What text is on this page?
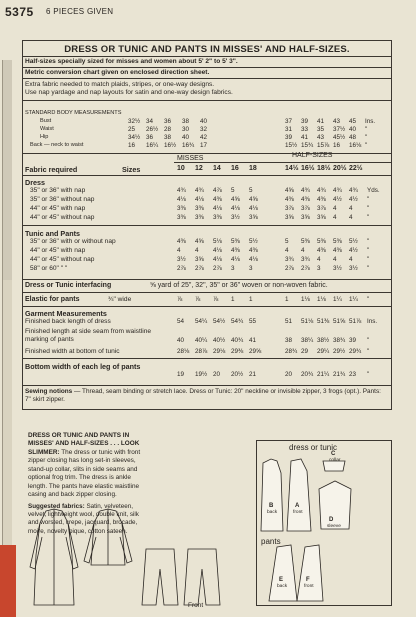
5375 6 PIECES GIVEN
DRESS OR TUNIC AND PANTS IN MISSES' AND HALF-SIZES.
Half-sizes specially sized for misses and women about 5' 2" to 5' 3".
Metric conversion chart given on enclosed direction sheet.
Extra fabric needed to match plaids, stripes, or one-way designs.
Use nap yardage and nap layouts for satin and one-way design fabrics.
STANDARD BODY MEASUREMENTS
Bust	32½ 34 36 38 40	37 39 41 43 45 Ins.
Waist	25 26½ 28 30 32	31 33 35 37½ 40 "
Hip	34½ 36 38 40 42	39 41 43 45½ 48 "
Back — neck to waist	16 16¼ 16½ 16¾ 17	15½ 15¾ 15⅞ 16 16⅛ "
MISSES	HALF-SIZES
Fabric required	Sizes	10 12 14 16 18	14½ 16½ 18½ 20½ 22½
Dress
35" or 36" with nap	4¾ 4¾ 4⅞ 5 5	4⅝ 4¾ 4¾ 4¾ 4¾ Yds.
35" or 36" without nap	4⅛ 4⅛ 4⅜ 4⅝ 4⅝	4⅜ 4⅜ 4⅜ 4½ 4½ "
44" or 45" with nap	3⅜ 3⅜ 4⅛ 4⅛ 4⅛	3⅞ 3⅞ 3⅞ 4 4 "
44" or 45" without nap	3⅜ 3⅜ 3⅜ 3½ 3⅝	3⅝ 3⅝ 3⅝ 4 4 "
Tunic and Pants
35" or 36" with or without nap	4⅜ 4⅝ 5⅛ 5⅜ 5½	5 5⅜ 5⅜ 5⅜ 5½ "
44" or 45" with nap	4 4 4⅛ 4⅜ 4⅜	4 4 4⅜ 4⅜ 4½ "
44" or 45" without nap	3½ 3⅝ 4⅛ 4⅛ 4⅛	3¾ 3¾ 4 4 4 "
58" or 60" " "	2⅞ 2⅞ 2⅞ 3 3	2⅞ 2⅞ 3 3½ 3½ "
Dress or Tunic interfacing	⅝ yard of 25", 32", 35" or 36" woven or non-woven fabric.
Elastic for pants	¾" wide	⅞ ⅞ ⅞ 1 1	1 1⅛ 1⅛ 1¼ 1¼ "
Garment Measurements
Finished back length of dress	54 54¼ 54½ 54¾ 55	51 51⅛ 51⅜ 51⅝ 51⅞ Ins.
Finished length at side seam from waistline marking of pants	40 40¼ 40½ 40¾ 41	38 38¼ 38½ 38¾ 39 "
Finished width at bottom of tunic	28⅛ 28⅞ 29⅛ 29⅜ 29⅝	28¾ 29 29¼ 29½ 29¾ "
Bottom width of each leg of pants
19 19½ 20 20½ 21	20 20¾ 21¼ 21¾ 23 "
Sewing notions — Thread, seam binding or stretch lace. Dress or Tunic: 20" neckline or invisible zipper, 3 frogs (opt.). Pants: 7" skirt zipper.

DRESS OR TUNIC AND PANTS IN MISSES' AND HALF-SIZES . . . LOOK SLIMMER: The dress or tunic with front zipper closing has long set-in sleeves, stand-up collar, slits in side seams and optional frog trim. The dress is ankle length. The pants have elastic waistline casing and back zipper closing.

Suggested fabrics: Satin, velveteen, velvet, lightweight wool, double knit, silk and worsted, crepe, jacquard, brocade, moire, novelty pique, cotton sateen.

Front
dress or tunic
pants
B
back
A
front
C
collar
D
sleeve
E
back
F
front
